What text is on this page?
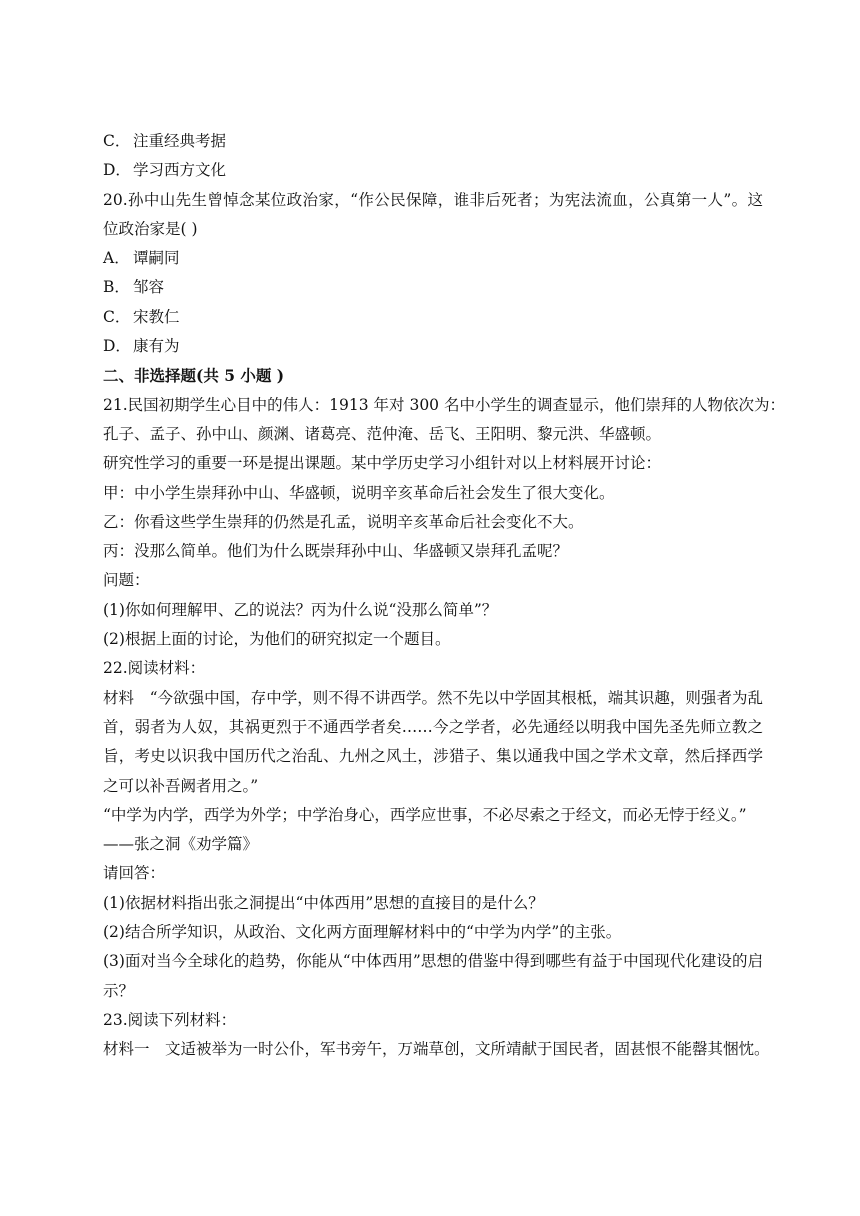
C． 注重经典考据
D． 学习西方文化
20.孙中山先生曾悼念某位政治家，“作公民保障，谁非后死者；为宪法流血，公真第一人”。这位政治家是( )
A． 谭嗣同
B． 邹容
C． 宋教仁
D． 康有为
二、非选择题(共 5 小题 )
21.民国初期学生心目中的伟人：1913 年对 300 名中小学生的调查显示，他们崇拜的人物依次为：
孔子、孟子、孙中山、颜渊、诸葛亮、范仲淹、岳飞、王阳明、黎元洪、华盛顿。
研究性学习的重要一环是提出课题。某中学历史学习小组针对以上材料展开讨论：
甲：中小学生崇拜孙中山、华盛顿，说明辛亥革命后社会发生了很大变化。
乙：你看这些学生崇拜的仍然是孔孟，说明辛亥革命后社会变化不大。
丙：没那么简单。他们为什么既崇拜孙中山、华盛顿又崇拜孔孟呢？
问题：
(1)你如何理解甲、乙的说法？丙为什么说“没那么简单”？
(2)根据上面的讨论，为他们的研究拟定一个题目。
22.阅读材料：
材料　“今欲强中国，存中学，则不得不讲西学。然不先以中学固其根柢，端其识趣，则强者为乱首，弱者为人奴，其祸更烈于不通西学者矣……今之学者，必先通经以明我中国先圣先师立教之旨，考史以识我中国历代之治乱、九州之风土，涉猎子、集以通我中国之学术文章，然后择西学之可以补吾阙者用之。”
“中学为内学，西学为外学；中学治身心，西学应世事，不必尽索之于经文，而必无悖于经义。”
——张之洞《劝学篇》
请回答：
(1)依据材料指出张之洞提出“中体西用”思想的直接目的是什么？
(2)结合所学知识，从政治、文化两方面理解材料中的“中学为内学”的主张。
(3)面对当今全球化的趋势，你能从“中体西用”思想的借鉴中得到哪些有益于中国现代化建设的启示？
23.阅读下列材料：
材料一　文适被举为一时公仆，军书旁午，万端草创，文所靖献于国民者，固甚恨不能罄其悃忱。
